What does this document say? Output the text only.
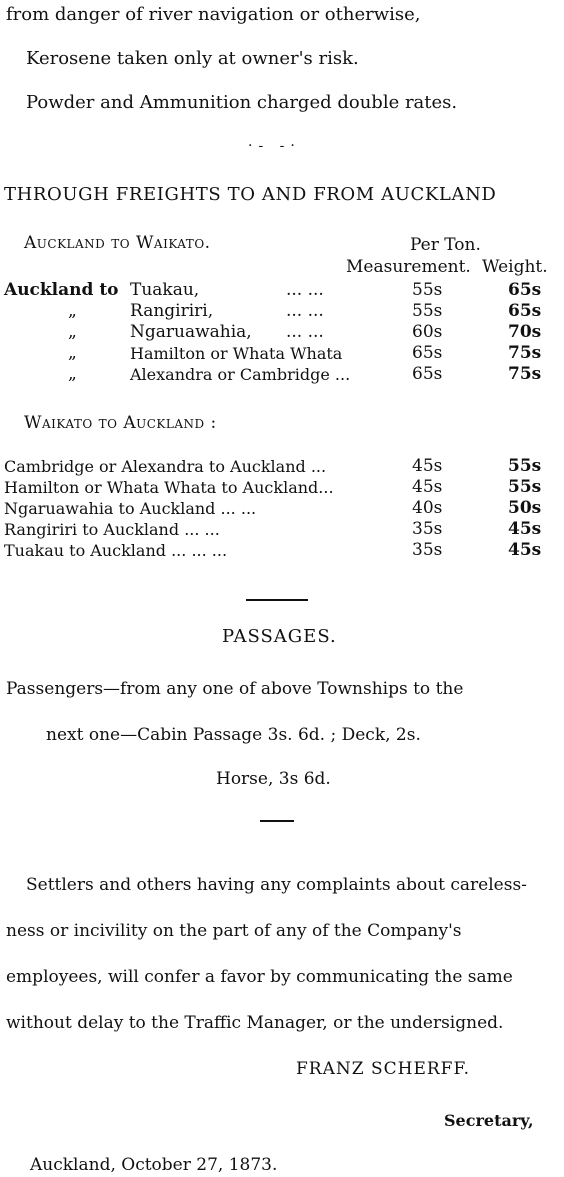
from danger of river navigation or otherwise,
Kerosene taken only at owner's risk.
Powder and Ammunition charged double rates.
·- -·
THROUGH FREIGHTS TO AND FROM AUCKLAND
Auckland to Waikato.	Per Ton.
Measurement. Weight.
Auckland to Tuakau,	... ...	55s	65s
„	Rangiriri,	... ...	55s	65s
„	Ngaruawahia, ... ...	60s	70s
„	Hamilton or Whata Whata	65s	75s
„	Alexandra or Cambridge ...	65s	75s
Waikato to Auckland :
Cambridge or Alexandra to Auckland ...	45s	55s
Hamilton or Whata Whata to Auckland...	45s	55s
Ngaruawahia to Auckland ... ...	40s	50s
Rangiriri to Auckland ... ...	35s	45s
Tuakau to Auckland ... ... ...	35s	45s
PASSAGES.
Passengers—from any one of above Townships to the
next one—Cabin Passage 3s. 6d. ; Deck, 2s.
Horse, 3s 6d.
Settlers and others having any complaints about careless-
ness or incivility on the part of any of the Company's
employees, will confer a favor by communicating the same
without delay to the Traffic Manager, or the undersigned.
FRANZ SCHERFF.
Secretary,
Auckland, October 27, 1873.
